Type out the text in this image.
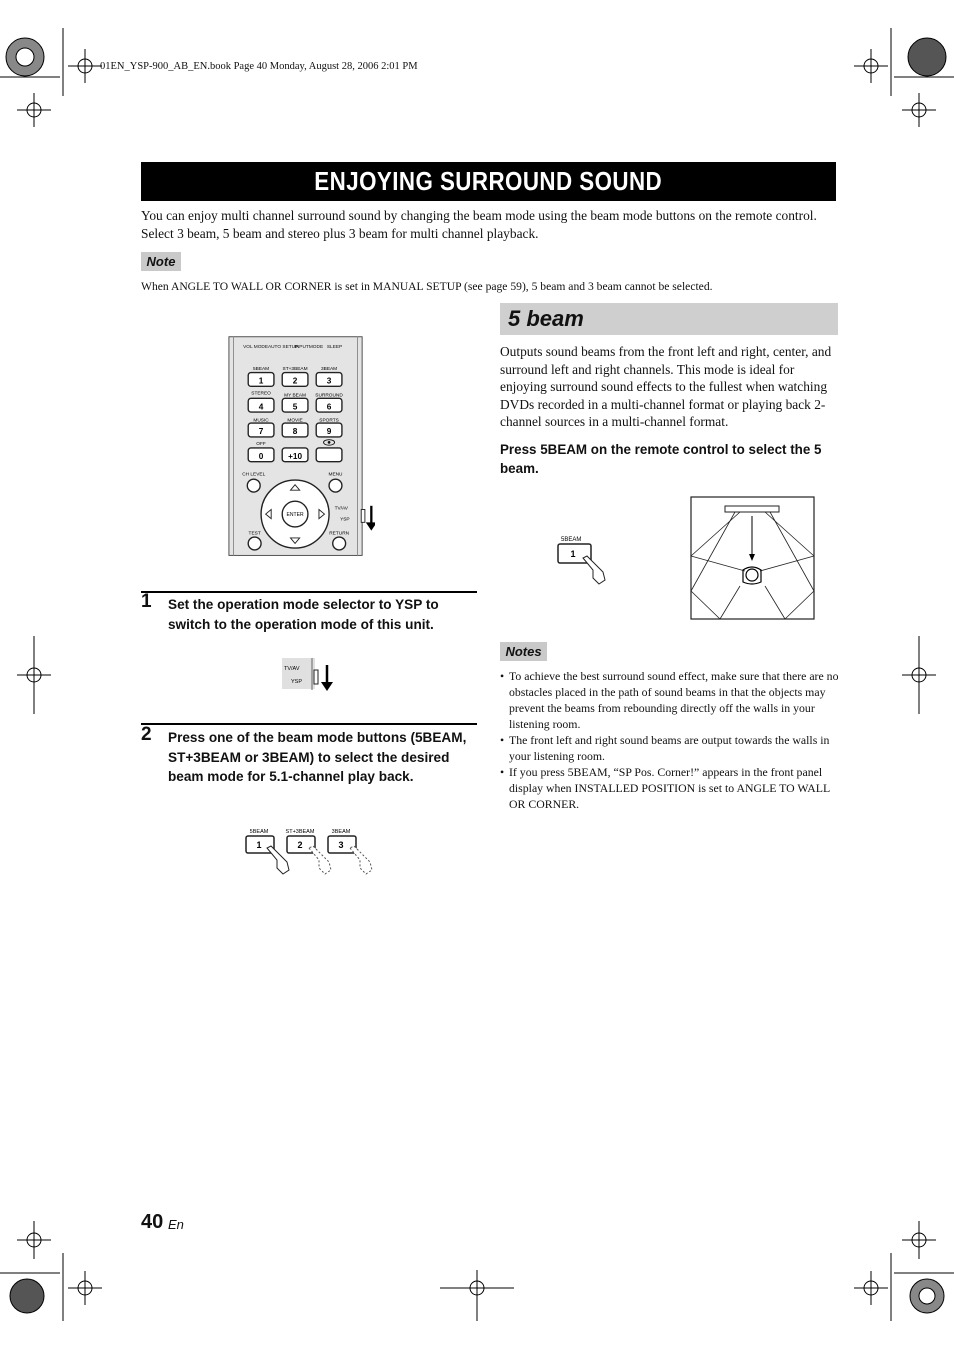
01EN_YSP-900_AB_EN.book Page 40 Monday, August 28, 2006 2:01 PM
ENJOYING SURROUND SOUND
You can enjoy multi channel surround sound by changing the beam mode using the beam mode buttons on the remote control. Select 3 beam, 5 beam and stereo plus 3 beam for multi channel playback.
Note
When ANGLE TO WALL OR CORNER is set in MANUAL SETUP (see page 59), 5 beam and 3 beam cannot be selected.
VOL MODE AUTO SETUP
INPUTMODE SLEEP
5BEAM	ST+3BEAM	3BEAM
1	2	3
STEREO	MY BEAM SURROUND
4	5	6
MUSIC	MOVIE	SPORTS
7	8	9
OFF
0	+10
CH LEVEL	MENU
ENTER
TEST	RETURN
TV/AV
YSP
1 Set the operation mode selector to YSP to switch to the operation mode of this unit.
TV/AV
YSP
2 Press one of the beam mode buttons (5BEAM, ST+3BEAM or 3BEAM) to select the desired beam mode for 5.1-channel play back.
5BEAM	ST+3BEAM	3BEAM
1	2	3
5 beam
Outputs sound beams from the front left and right, center, and surround left and right channels. This mode is ideal for enjoying surround sound effects to the fullest when watching DVDs recorded in a multi-channel format or playing back 2-channel sources in a multi-channel format.
Press 5BEAM on the remote control to select the 5 beam.
5BEAM
1
Notes
• To achieve the best surround sound effect, make sure that there are no obstacles placed in the path of sound beams in that the objects may prevent the beams from rebounding directly off the walls in your listening room.
• The front left and right sound beams are output towards the walls in your listening room.
• If you press 5BEAM, “SP Pos. Corner!” appears in the front panel display when INSTALLED POSITION is set to ANGLE TO WALL OR CORNER.
40 En
